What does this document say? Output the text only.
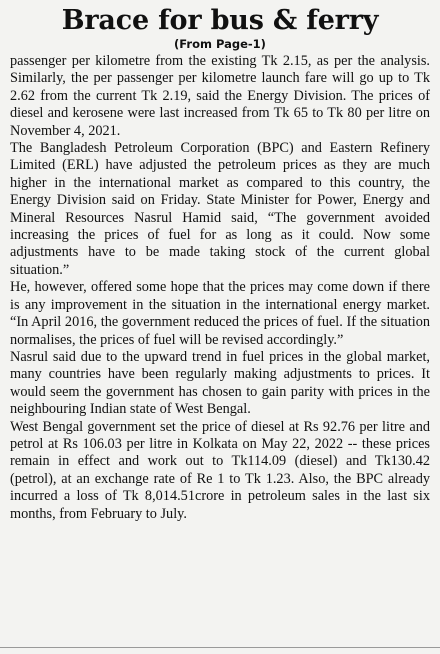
Brace for bus & ferry
(From Page-1)

passenger per kilometre from the existing Tk 2.15, as per the analysis. Similarly, the per passenger per kilometre launch fare will go up to Tk 2.62 from the current Tk 2.19, said the Energy Division. The prices of diesel and kerosene were last increased from Tk 65 to Tk 80 per litre on November 4, 2021.

The Bangladesh Petroleum Corporation (BPC) and Eastern Refinery Limited (ERL) have adjusted the petroleum prices as they are much higher in the international market as compared to this country, the Energy Division said on Friday. State Minister for Power, Energy and Mineral Resources Nasrul Hamid said, “The government avoided increasing the prices of fuel for as long as it could. Now some adjustments have to be made taking stock of the current global situation.”

He, however, offered some hope that the prices may come down if there is any improvement in the situation in the international energy market. “In April 2016, the government reduced the prices of fuel. If the situation normalises, the prices of fuel will be revised accordingly.”

Nasrul said due to the upward trend in fuel prices in the global market, many countries have been regularly making adjustments to prices. It would seem the government has chosen to gain parity with prices in the neighbouring Indian state of West Bengal.

West Bengal government set the price of diesel at Rs 92.76 per litre and petrol at Rs 106.03 per litre in Kolkata on May 22, 2022 -- these prices remain in effect and work out to Tk114.09 (diesel) and Tk130.42 (petrol), at an exchange rate of Re 1 to Tk 1.23. Also, the BPC already incurred a loss of Tk 8,014.51crore in petroleum sales in the last six months, from February to July.
